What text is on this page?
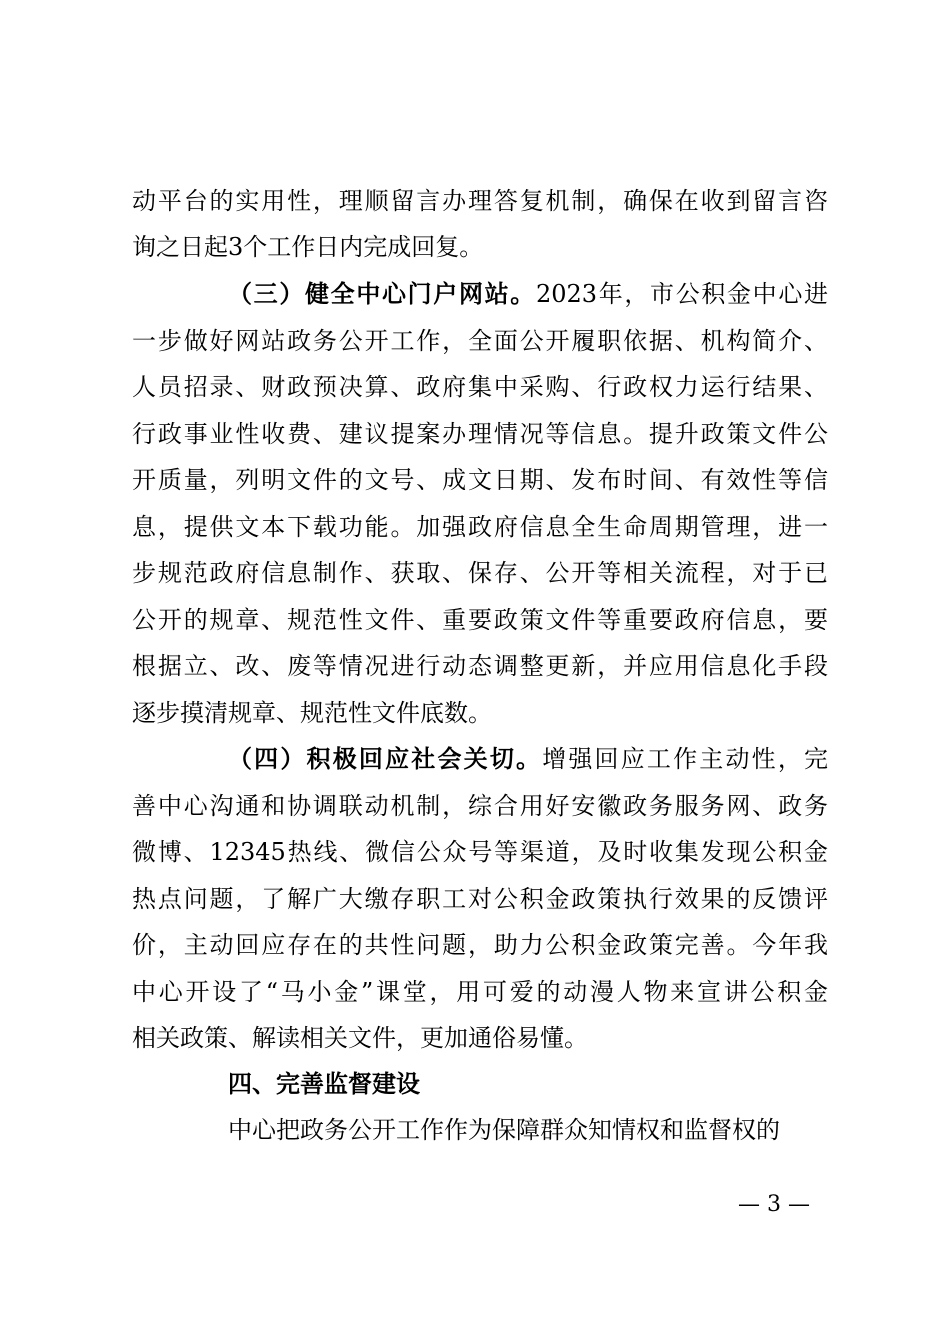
动平台的实用性，理顺留言办理答复机制，确保在收到留言咨
询之日起3个工作日内完成回复。
（三）健全中心门户网站。2023年，市公积金中心进
一步做好网站政务公开工作，全面公开履职依据、机构简介、
人员招录、财政预决算、政府集中采购、行政权力运行结果、
行政事业性收费、建议提案办理情况等信息。提升政策文件公
开质量，列明文件的文号、成文日期、发布时间、有效性等信
息，提供文本下载功能。加强政府信息全生命周期管理，进一
步规范政府信息制作、获取、保存、公开等相关流程，对于已
公开的规章、规范性文件、重要政策文件等重要政府信息，要
根据立、改、废等情况进行动态调整更新，并应用信息化手段
逐步摸清规章、规范性文件底数。
（四）积极回应社会关切。增强回应工作主动性，完
善中心沟通和协调联动机制，综合用好安徽政务服务网、政务
微博、12345热线、微信公众号等渠道，及时收集发现公积金
热点问题，了解广大缴存职工对公积金政策执行效果的反馈评
价，主动回应存在的共性问题，助力公积金政策完善。今年我
中心开设了“马小金”课堂，用可爱的动漫人物来宣讲公积金
相关政策、解读相关文件，更加通俗易懂。
四、完善监督建设
中心把政务公开工作作为保障群众知情权和监督权的
— 3 —
